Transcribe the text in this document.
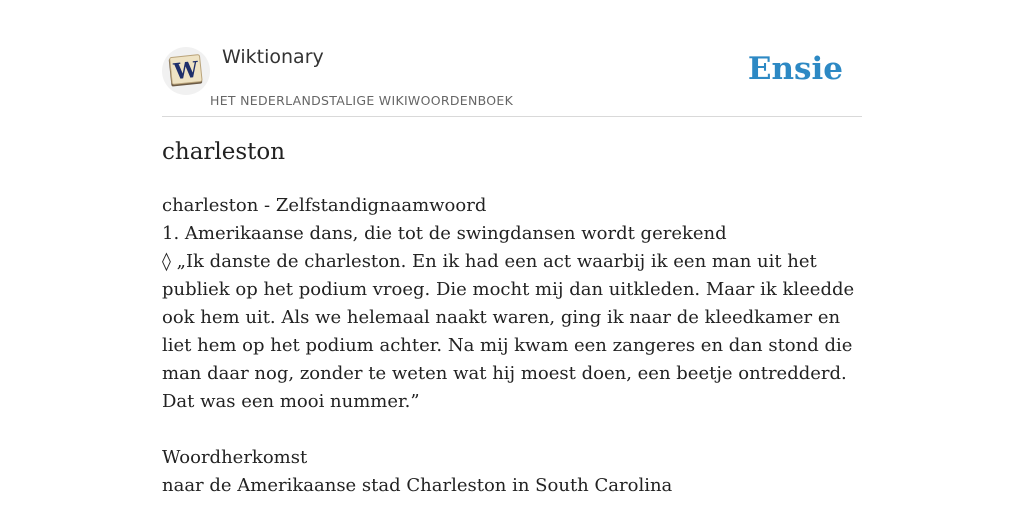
W Wiktionary
HET NEDERLANDSTALIGE WIKIWOORDENBOEK
Ensie
charleston

charleston - Zelfstandignaamwoord

1. Amerikaanse dans, die tot de swingdansen wordt gerekend

◊ „Ik danste de charleston. En ik had een act waarbij ik een man uit het publiek op het podium vroeg. Die mocht mij dan uitkleden. Maar ik kleedde ook hem uit. Als we helemaal naakt waren, ging ik naar de kleedkamer en liet hem op het podium achter. Na mij kwam een zangeres en dan stond die man daar nog, zonder te weten wat hij moest doen, een beetje ontredderd. Dat was een mooi nummer.”

Woordherkomst

naar de Amerikaanse stad Charleston in South Carolina
